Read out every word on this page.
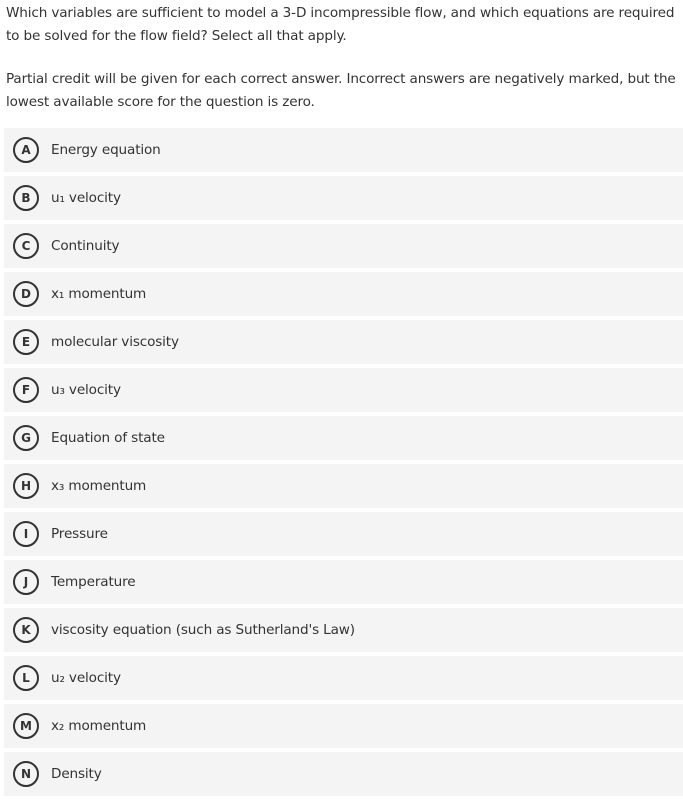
Which variables are sufficient to model a 3-D incompressible flow, and which equations are required to be solved for the flow field? Select all that apply.

Partial credit will be given for each correct answer. Incorrect answers are negatively marked, but the lowest available score for the question is zero.

A	Energy equation
B	u₁ velocity
C	Continuity
D	x₁ momentum
E	molecular viscosity
F	u₃ velocity
G	Equation of state
H	x₃ momentum
I	Pressure
J	Temperature
K	viscosity equation (such as Sutherland's Law)
L	u₂ velocity
M	x₂ momentum
N	Density
